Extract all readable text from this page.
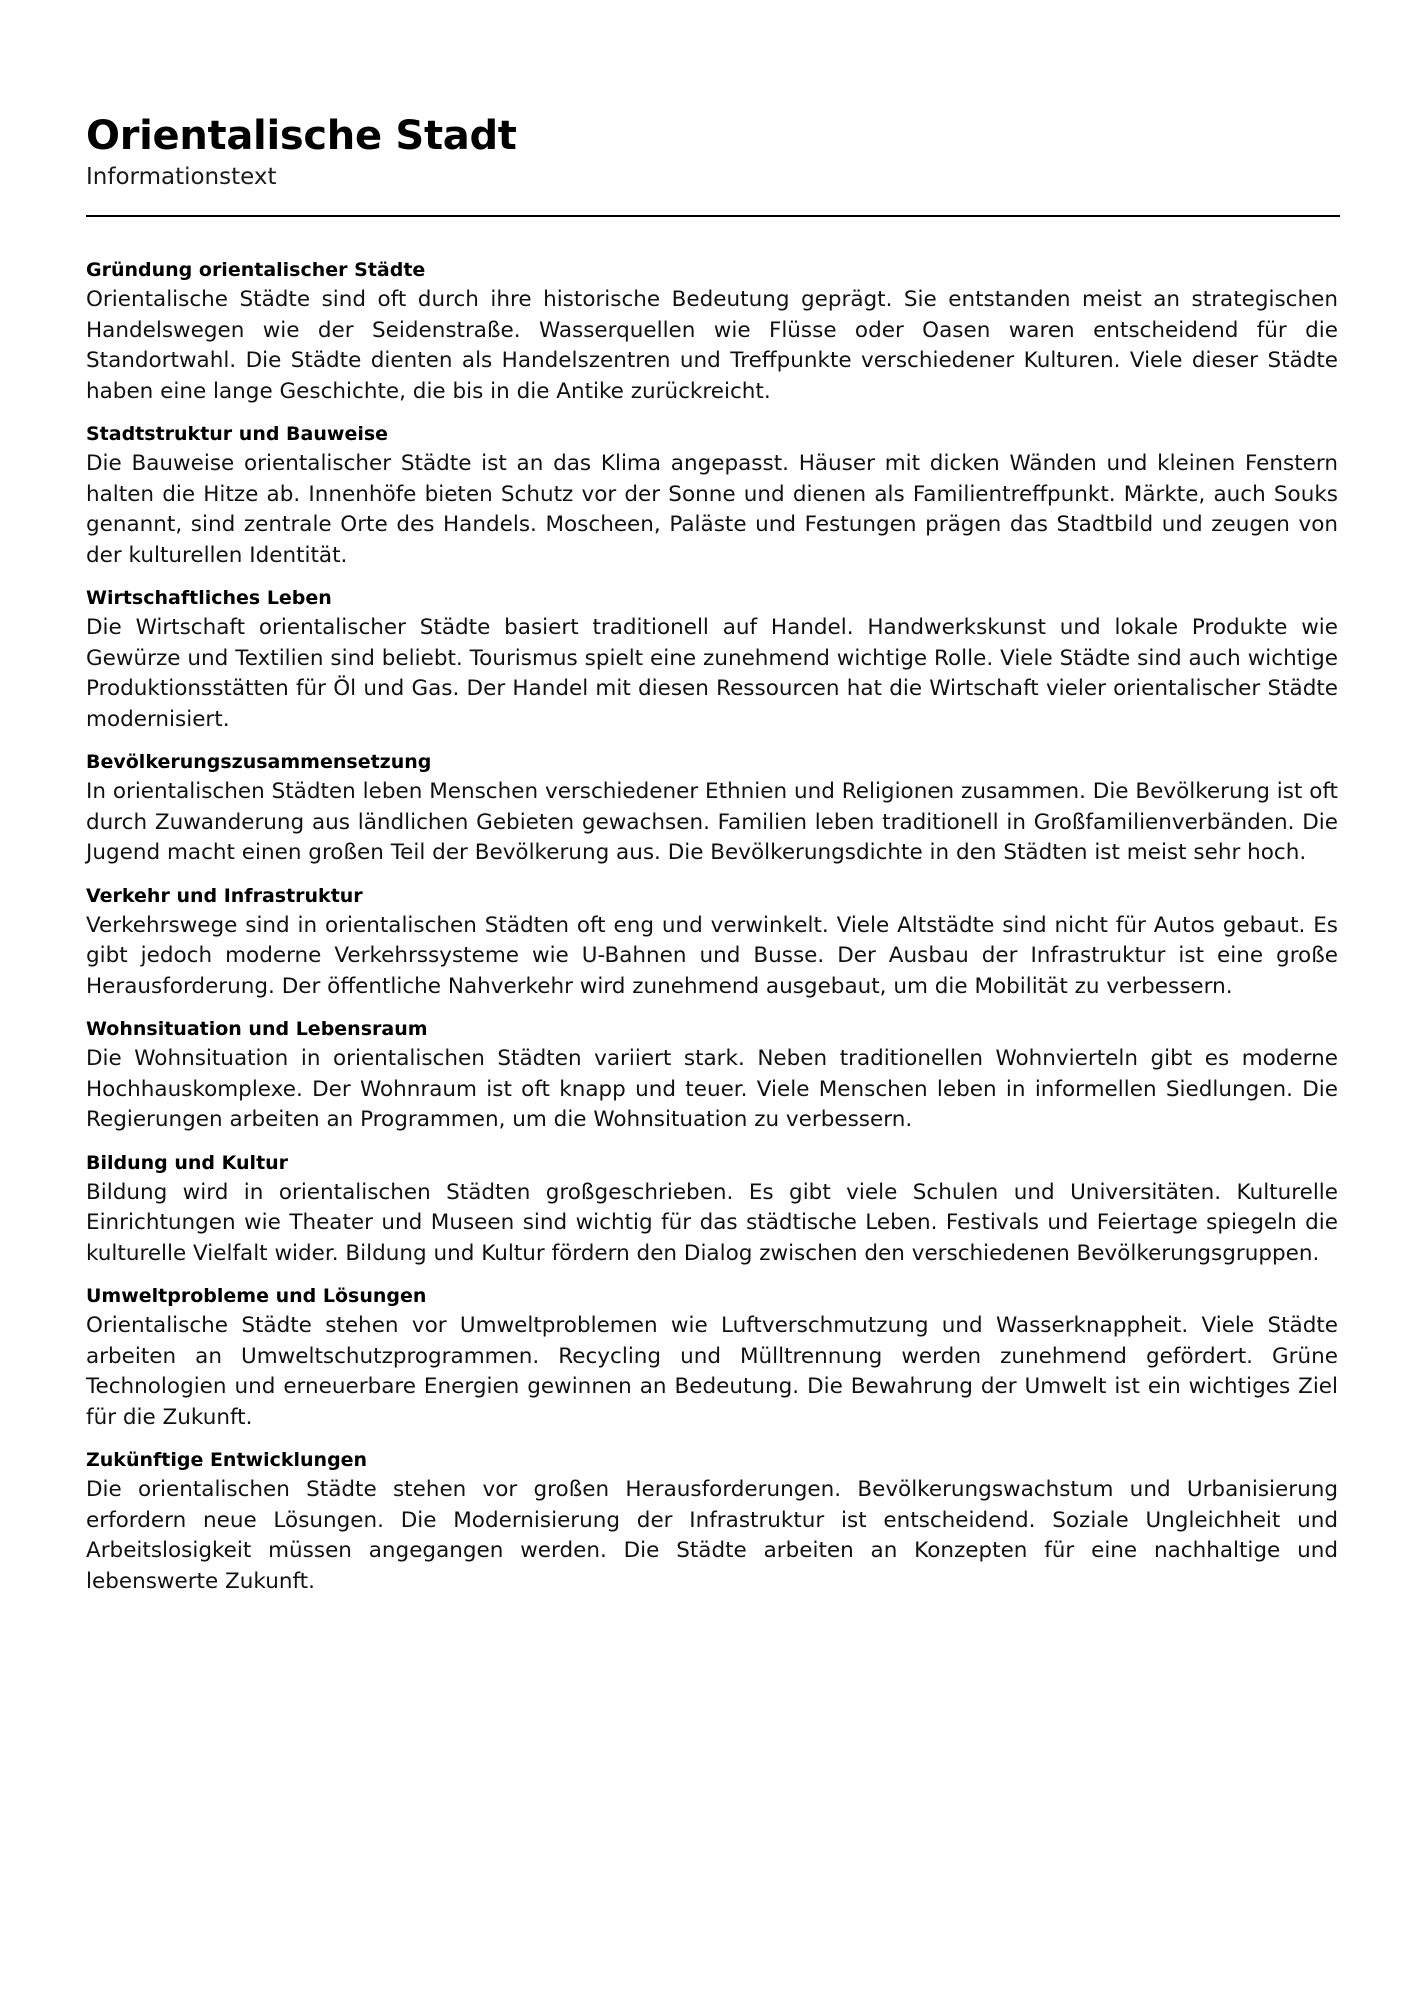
Orientalische Stadt

Informationstext

Gründung orientalischer Städte

Orientalische Städte sind oft durch ihre historische Bedeutung geprägt. Sie entstanden meist an strategischen Handelswegen wie der Seidenstraße. Wasserquellen wie Flüsse oder Oasen waren entscheidend für die Standortwahl. Die Städte dienten als Handelszentren und Treffpunkte verschiedener Kulturen. Viele dieser Städte haben eine lange Geschichte, die bis in die Antike zurückreicht.

Stadtstruktur und Bauweise

Die Bauweise orientalischer Städte ist an das Klima angepasst. Häuser mit dicken Wänden und kleinen Fenstern halten die Hitze ab. Innenhöfe bieten Schutz vor der Sonne und dienen als Familientreffpunkt. Märkte, auch Souks genannt, sind zentrale Orte des Handels. Moscheen, Paläste und Festungen prägen das Stadtbild und zeugen von der kulturellen Identität.

Wirtschaftliches Leben

Die Wirtschaft orientalischer Städte basiert traditionell auf Handel. Handwerkskunst und lokale Produkte wie Gewürze und Textilien sind beliebt. Tourismus spielt eine zunehmend wichtige Rolle. Viele Städte sind auch wichtige Produktionsstätten für Öl und Gas. Der Handel mit diesen Ressourcen hat die Wirtschaft vieler orientalischer Städte modernisiert.

Bevölkerungszusammensetzung

In orientalischen Städten leben Menschen verschiedener Ethnien und Religionen zusammen. Die Bevölkerung ist oft durch Zuwanderung aus ländlichen Gebieten gewachsen. Familien leben traditionell in Großfamilienverbänden. Die Jugend macht einen großen Teil der Bevölkerung aus. Die Bevölkerungsdichte in den Städten ist meist sehr hoch.

Verkehr und Infrastruktur

Verkehrswege sind in orientalischen Städten oft eng und verwinkelt. Viele Altstädte sind nicht für Autos gebaut. Es gibt jedoch moderne Verkehrssysteme wie U-Bahnen und Busse. Der Ausbau der Infrastruktur ist eine große Herausforderung. Der öffentliche Nahverkehr wird zunehmend ausgebaut, um die Mobilität zu verbessern.

Wohnsituation und Lebensraum

Die Wohnsituation in orientalischen Städten variiert stark. Neben traditionellen Wohnvierteln gibt es moderne Hochhauskomplexe. Der Wohnraum ist oft knapp und teuer. Viele Menschen leben in informellen Siedlungen. Die Regierungen arbeiten an Programmen, um die Wohnsituation zu verbessern.

Bildung und Kultur

Bildung wird in orientalischen Städten großgeschrieben. Es gibt viele Schulen und Universitäten. Kulturelle Einrichtungen wie Theater und Museen sind wichtig für das städtische Leben. Festivals und Feiertage spiegeln die kulturelle Vielfalt wider. Bildung und Kultur fördern den Dialog zwischen den verschiedenen Bevölkerungsgruppen.

Umweltprobleme und Lösungen

Orientalische Städte stehen vor Umweltproblemen wie Luftverschmutzung und Wasserknappheit. Viele Städte arbeiten an Umweltschutzprogrammen. Recycling und Mülltrennung werden zunehmend gefördert. Grüne Technologien und erneuerbare Energien gewinnen an Bedeutung. Die Bewahrung der Umwelt ist ein wichtiges Ziel für die Zukunft.

Zukünftige Entwicklungen

Die orientalischen Städte stehen vor großen Herausforderungen. Bevölkerungswachstum und Urbanisierung erfordern neue Lösungen. Die Modernisierung der Infrastruktur ist entscheidend. Soziale Ungleichheit und Arbeitslosigkeit müssen angegangen werden. Die Städte arbeiten an Konzepten für eine nachhaltige und lebenswerte Zukunft.
